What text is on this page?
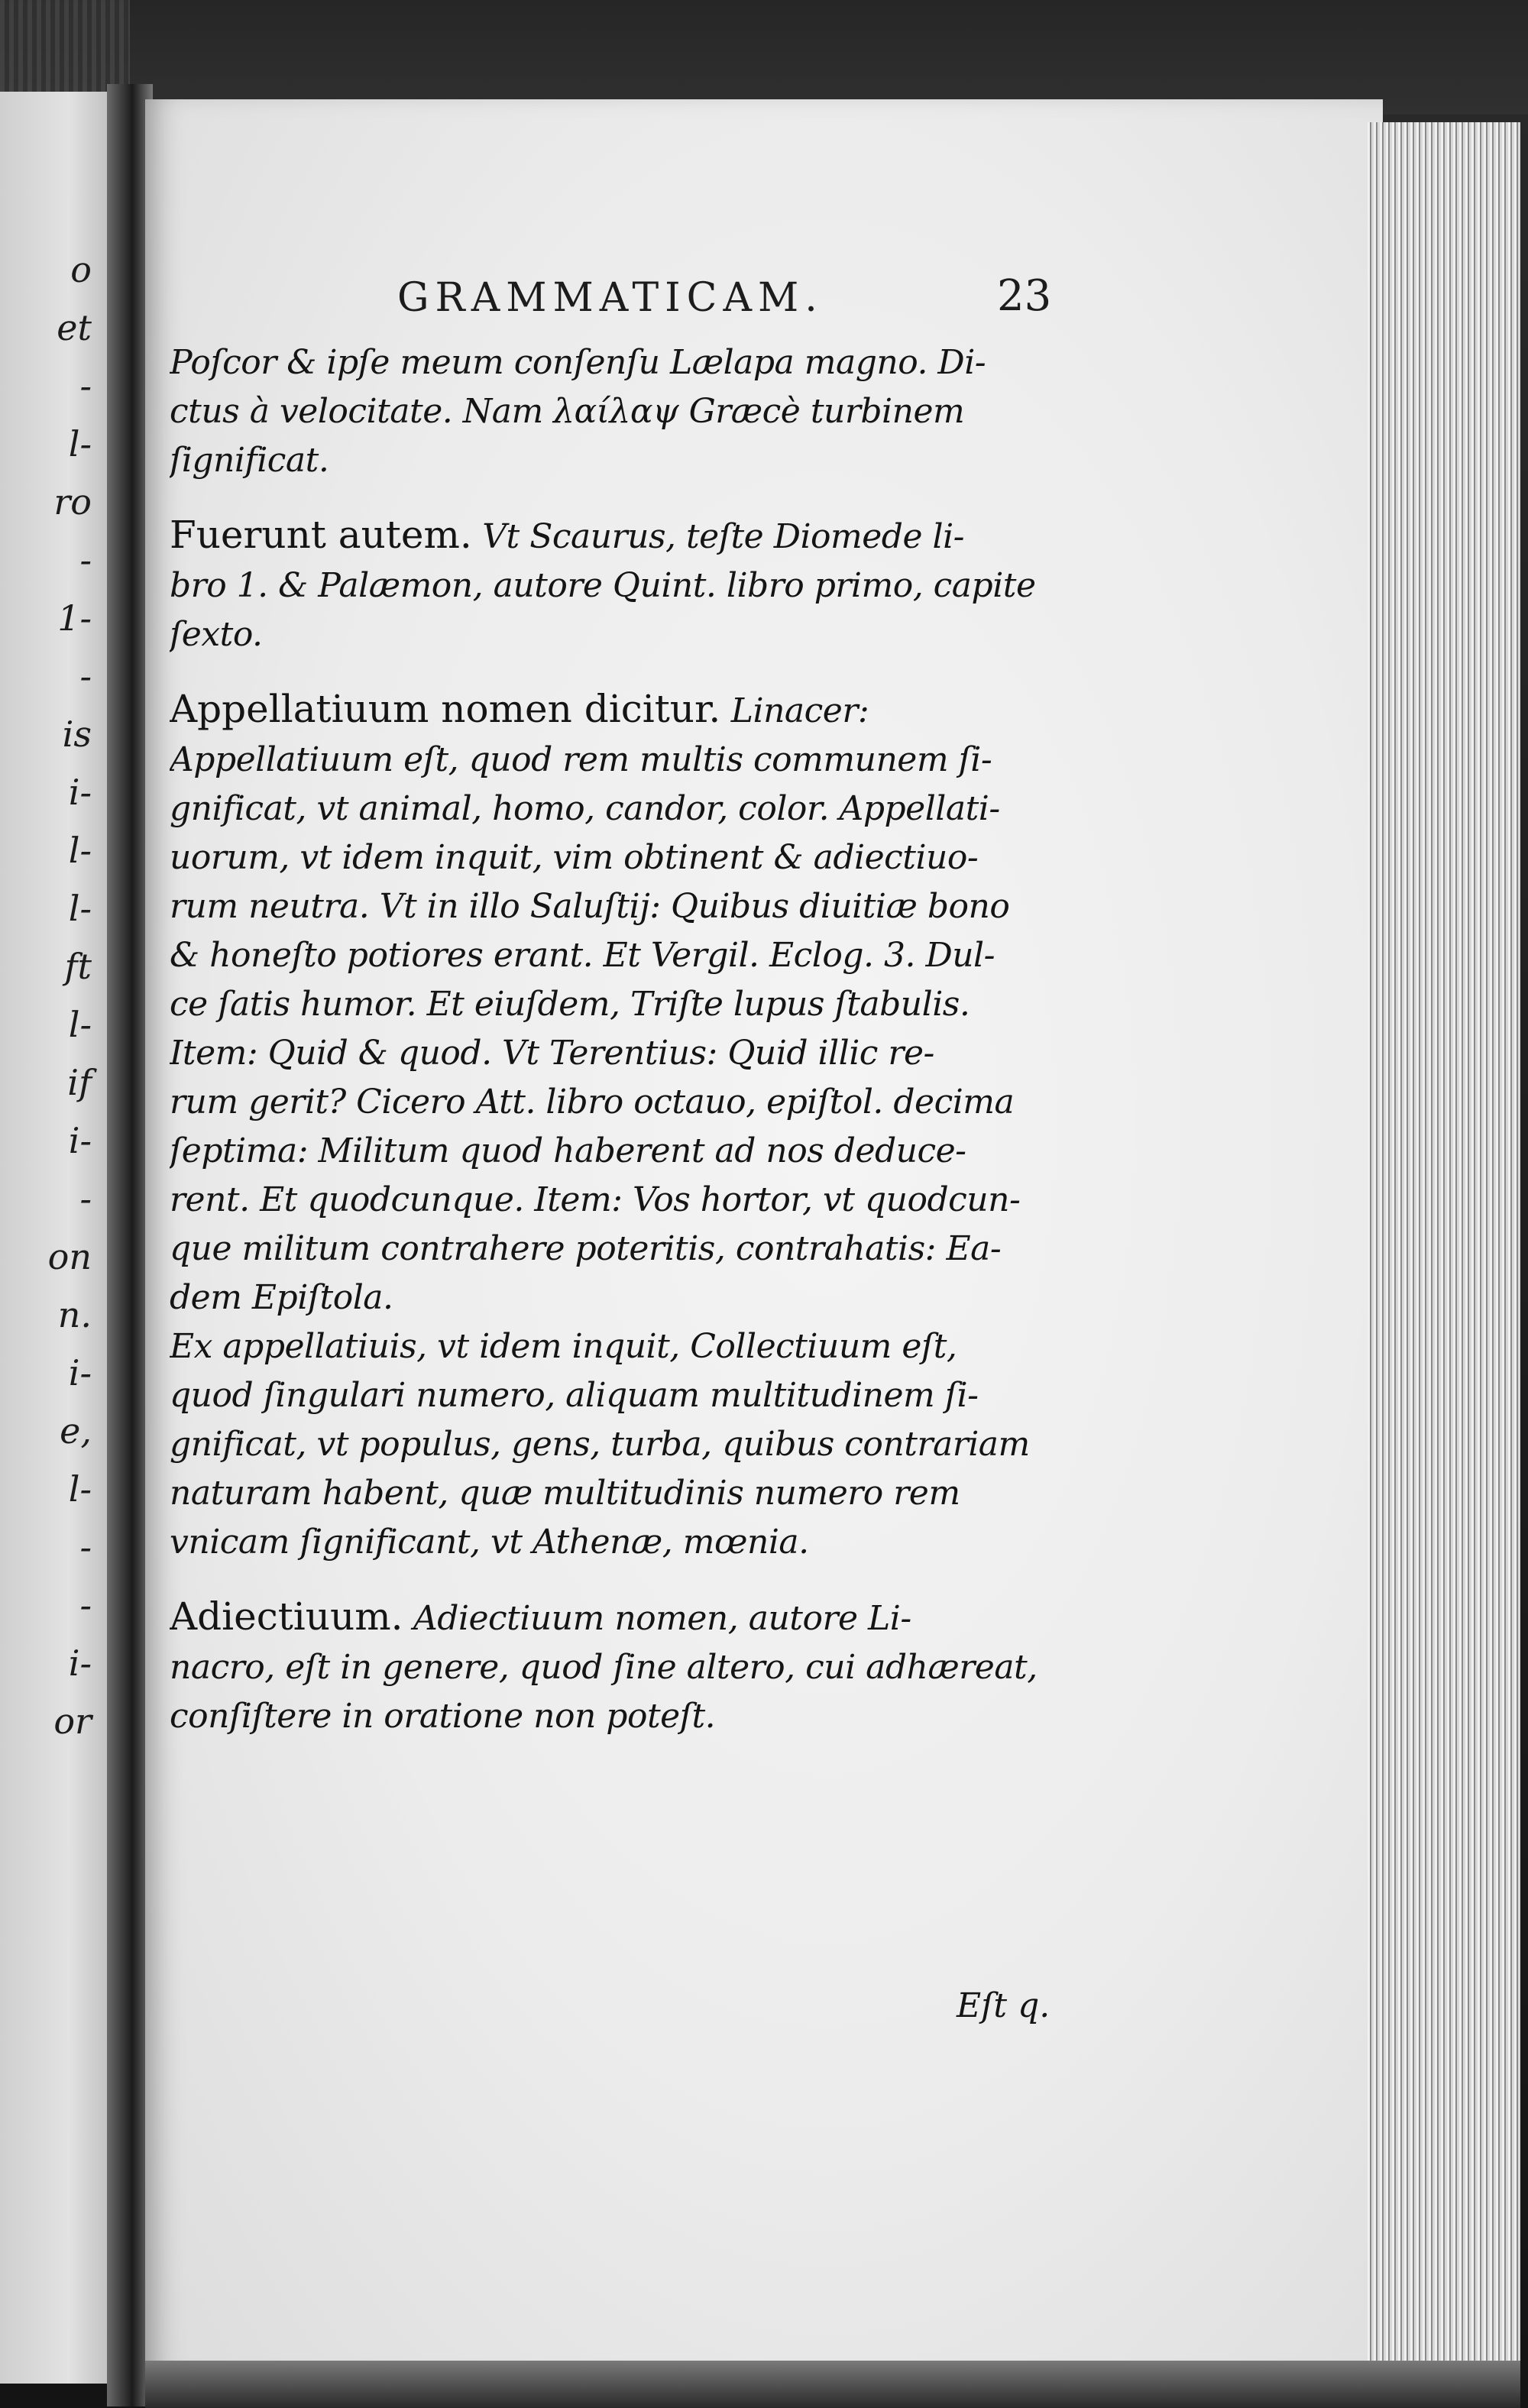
o
et
-
l-
ro
-
1-
-
is
i-
l-
l-
ft
l-
if
i-
-
on
n.
i-
e,
l-
-
-
i-
or
GRAMMATICAM.	23
Poſcor & ipſe meum conſenſu Lælapa magno. Di-
ctus à velocitate. Nam λαίλαψ Græcè turbinem
ſignificat.
Fuerunt autem. Vt Scaurus, teſte Diomede li-
bro 1. & Palæmon, autore Quint. libro primo, capite
ſexto.
Appellatiuum nomen dicitur. Linacer:
Appellatiuum eſt, quod rem multis communem ſi-
gnificat, vt animal, homo, candor, color. Appellati-
uorum, vt idem inquit, vim obtinent & adiectiuo-
rum neutra. Vt in illo Saluſtij: Quibus diuitiæ bono
& honeſto potiores erant. Et Vergil. Eclog. 3. Dul-
ce ſatis humor. Et eiuſdem, Triſte lupus ſtabulis.
Item: Quid & quod. Vt Terentius: Quid illic re-
rum gerit? Cicero Att. libro octauo, epiſtol. decima
ſeptima: Militum quod haberent ad nos deduce-
rent. Et quodcunque. Item: Vos hortor, vt quodcun-
que militum contrahere poteritis, contrahatis: Ea-
dem Epiſtola.
Ex appellatiuis, vt idem inquit, Collectiuum eſt,
quod ſingulari numero, aliquam multitudinem ſi-
gnificat, vt populus, gens, turba, quibus contrariam
naturam habent, quæ multitudinis numero rem
vnicam ſignificant, vt Athenæ, mœnia.
Adiectiuum. Adiectiuum nomen, autore Li-
nacro, eſt in genere, quod ſine altero, cui adhæreat,
conſiſtere in oratione non poteſt.
Eſt q.
